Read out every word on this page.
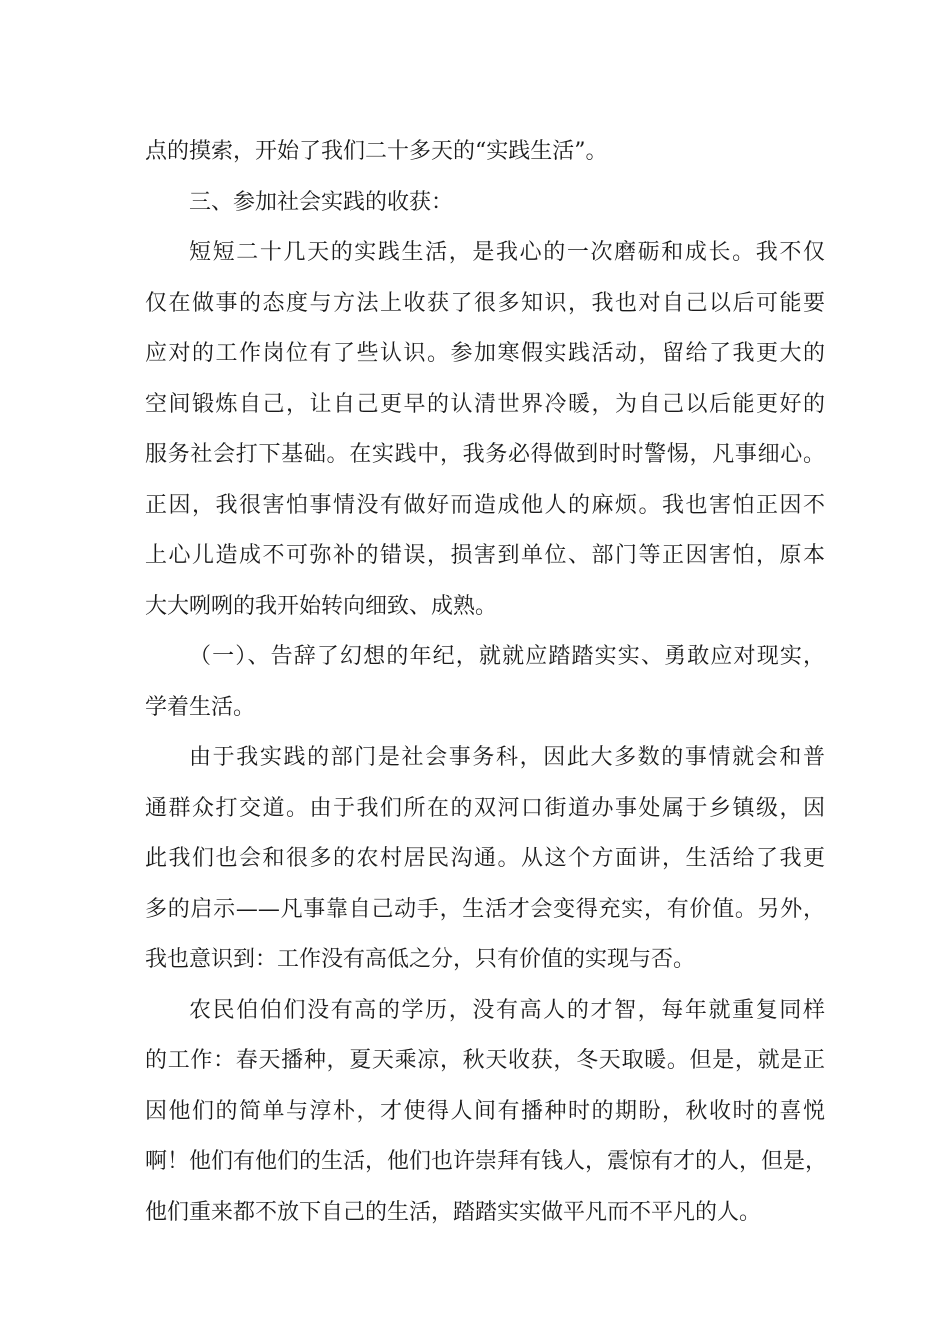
点的摸索，开始了我们二十多天的“实践生活”。
三、参加社会实践的收获：
短短二十几天的实践生活，是我心的一次磨砺和成长。我不仅
仅在做事的态度与方法上收获了很多知识，我也对自己以后可能要
应对的工作岗位有了些认识。参加寒假实践活动，留给了我更大的
空间锻炼自己，让自己更早的认清世界冷暖，为自己以后能更好的
服务社会打下基础。在实践中，我务必得做到时时警惕，凡事细心。
正因，我很害怕事情没有做好而造成他人的麻烦。我也害怕正因不
上心儿造成不可弥补的错误，损害到单位、部门等正因害怕，原本
大大咧咧的我开始转向细致、成熟。
（一）、告辞了幻想的年纪，就就应踏踏实实、勇敢应对现实，
学着生活。
由于我实践的部门是社会事务科，因此大多数的事情就会和普
通群众打交道。由于我们所在的双河口街道办事处属于乡镇级，因
此我们也会和很多的农村居民沟通。从这个方面讲，生活给了我更
多的启示——凡事靠自己动手，生活才会变得充实，有价值。另外，
我也意识到：工作没有高低之分，只有价值的实现与否。
农民伯伯们没有高的学历，没有高人的才智，每年就重复同样
的工作：春天播种，夏天乘凉，秋天收获，冬天取暖。但是，就是正
因他们的简单与淳朴，才使得人间有播种时的期盼，秋收时的喜悦
啊！他们有他们的生活，他们也许崇拜有钱人，震惊有才的人，但是，
他们重来都不放下自己的生活，踏踏实实做平凡而不平凡的人。
